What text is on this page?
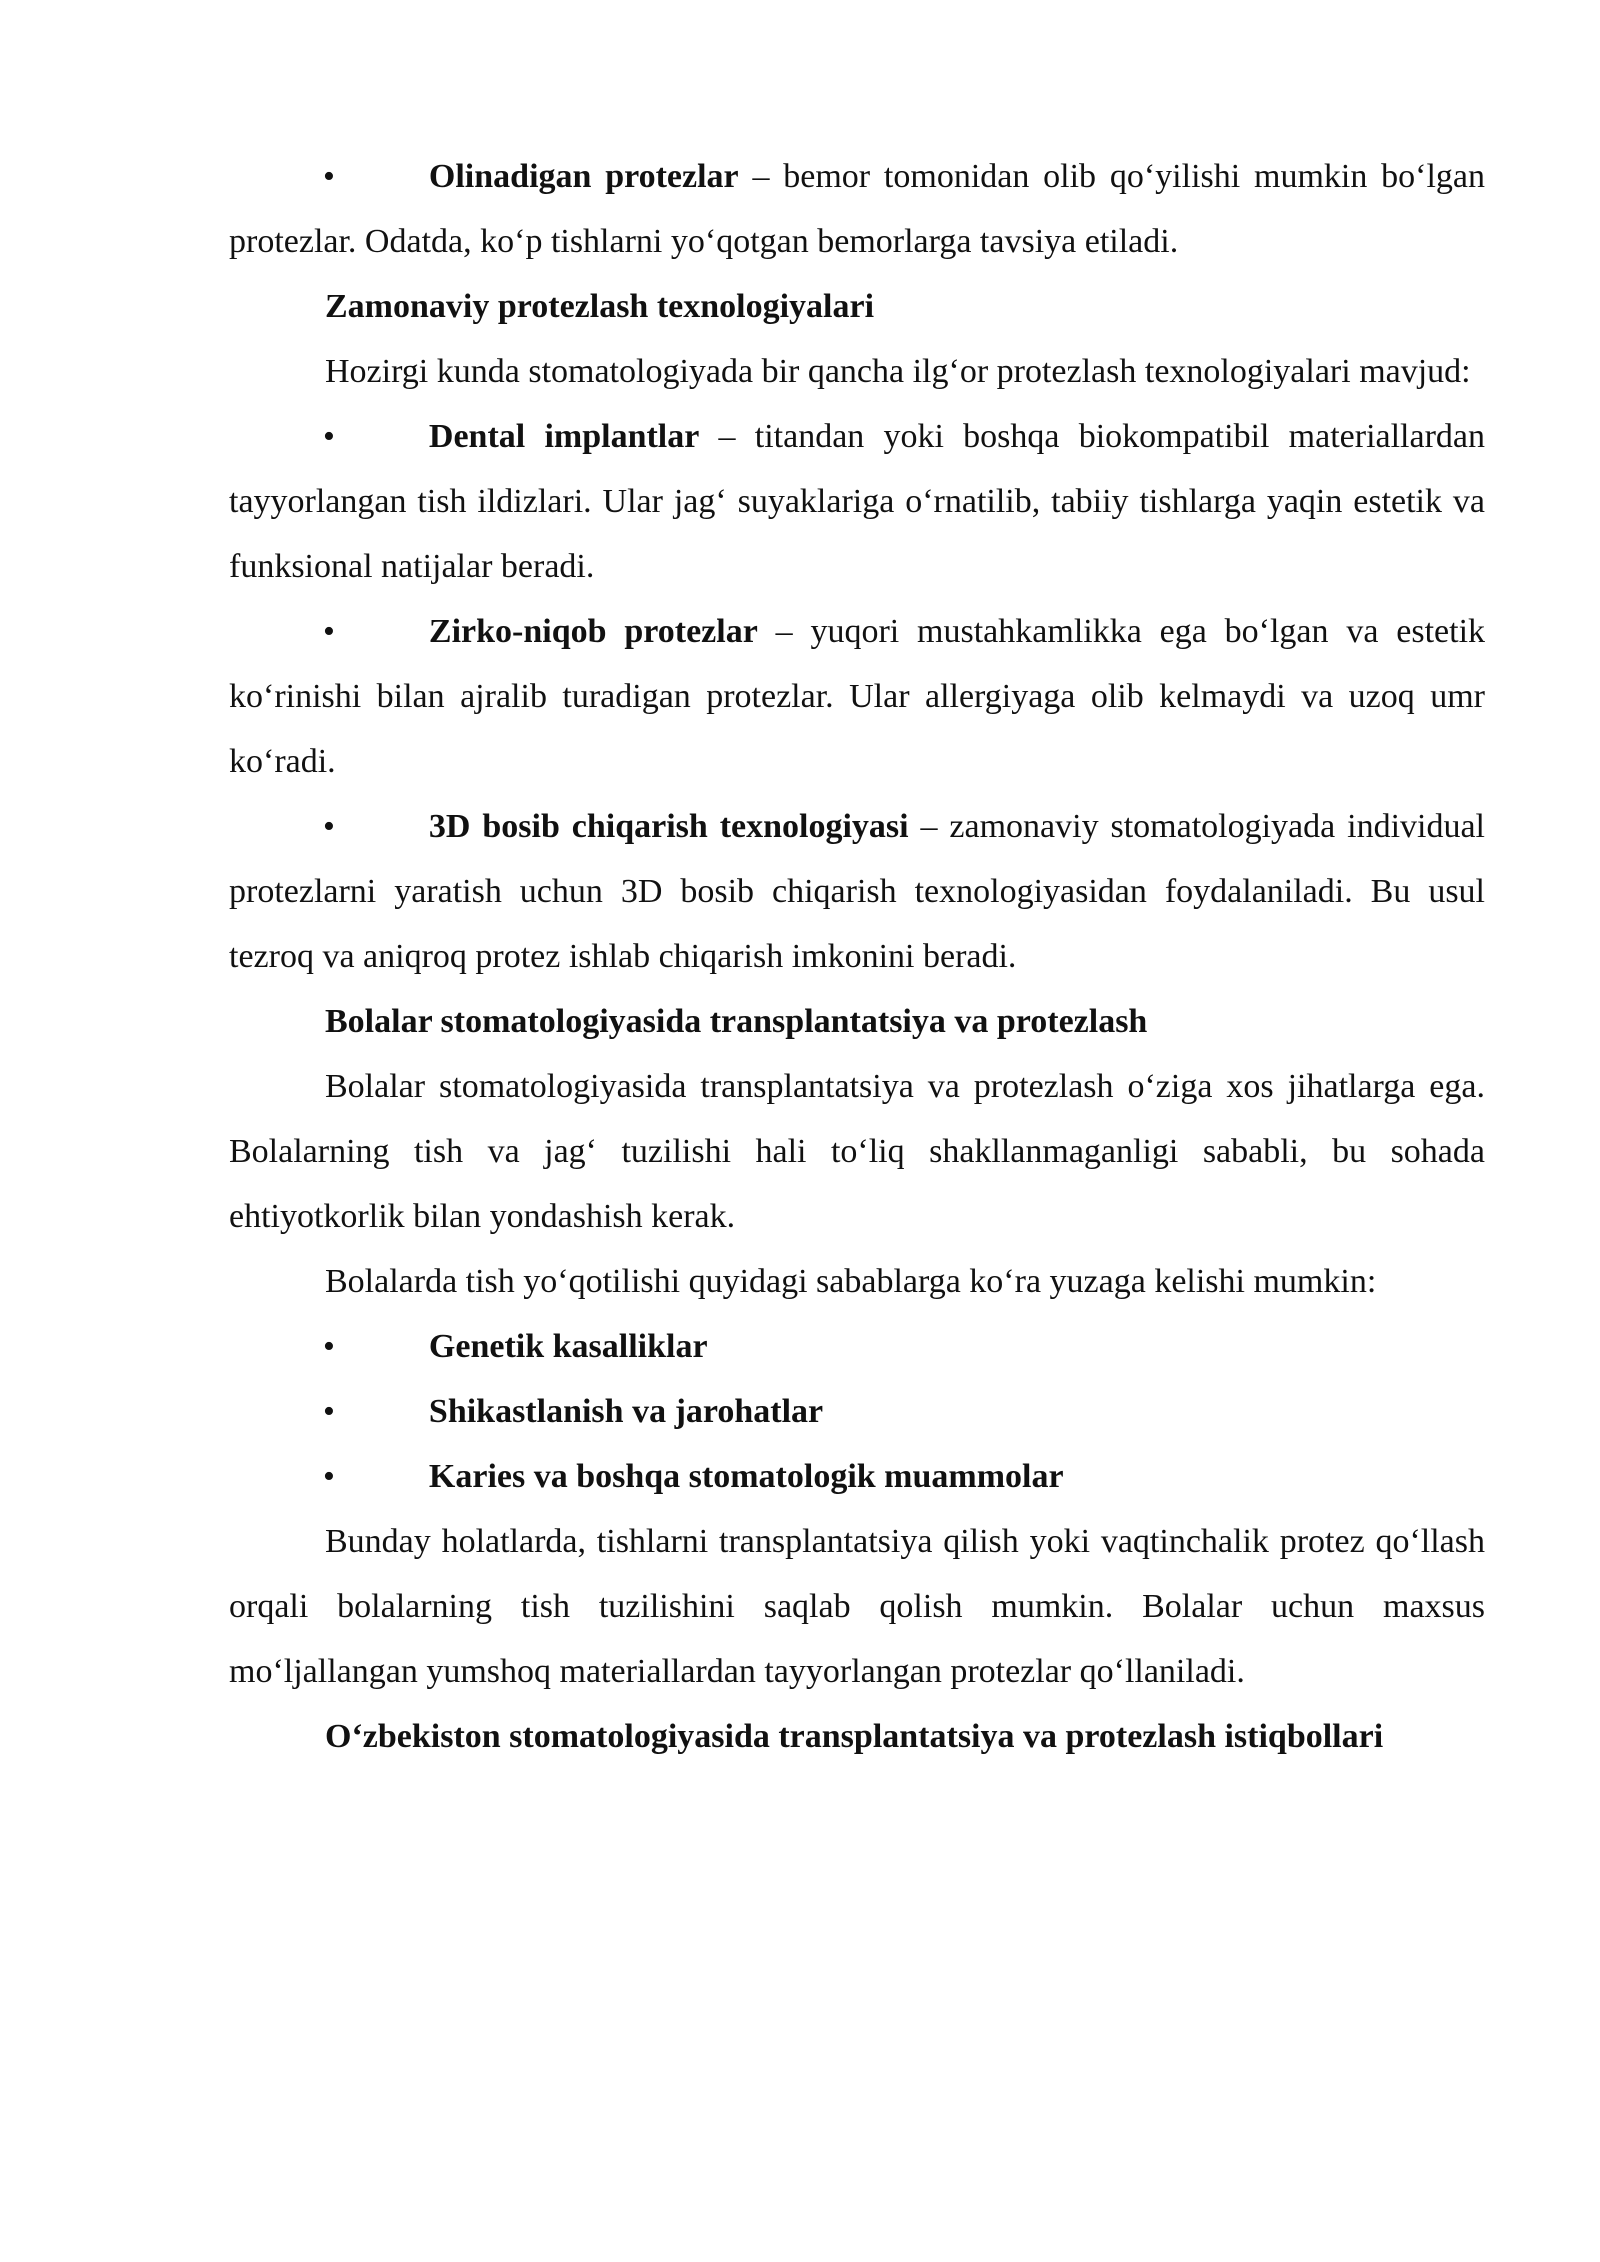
•	Olinadigan protezlar – bemor tomonidan olib qo‘yilishi mumkin bo‘lgan protezlar. Odatda, ko‘p tishlarni yo‘qotgan bemorlarga tavsiya etiladi.

Zamonaviy protezlash texnologiyalari

Hozirgi kunda stomatologiyada bir qancha ilg‘or protezlash texnologiyalari mavjud:

•	Dental implantlar – titandan yoki boshqa biokompatibil materiallardan tayyorlangan tish ildizlari. Ular jag‘ suyaklariga o‘rnatilib, tabiiy tishlarga yaqin estetik va funksional natijalar beradi.

•	Zirko-niqob protezlar – yuqori mustahkamlikka ega bo‘lgan va estetik ko‘rinishi bilan ajralib turadigan protezlar. Ular allergiyaga olib kelmaydi va uzoq umr ko‘radi.

•	3D bosib chiqarish texnologiyasi – zamonaviy stomatologiyada individual protezlarni yaratish uchun 3D bosib chiqarish texnologiyasidan foydalaniladi. Bu usul tezroq va aniqroq protez ishlab chiqarish imkonini beradi.

Bolalar stomatologiyasida transplantatsiya va protezlash

Bolalar stomatologiyasida transplantatsiya va protezlash o‘ziga xos jihatlarga ega. Bolalarning tish va jag‘ tuzilishi hali to‘liq shakllanmaganligi sababli, bu sohada ehtiyotkorlik bilan yondashish kerak.

Bolalarda tish yo‘qotilishi quyidagi sabablarga ko‘ra yuzaga kelishi mumkin:

•	Genetik kasalliklar

•	Shikastlanish va jarohatlar

•	Karies va boshqa stomatologik muammolar

Bunday holatlarda, tishlarni transplantatsiya qilish yoki vaqtinchalik protez qo‘llash orqali bolalarning tish tuzilishini saqlab qolish mumkin. Bolalar uchun maxsus mo‘ljallangan yumshoq materiallardan tayyorlangan protezlar qo‘llaniladi.

O‘zbekiston stomatologiyasida transplantatsiya va protezlash istiqbollari
